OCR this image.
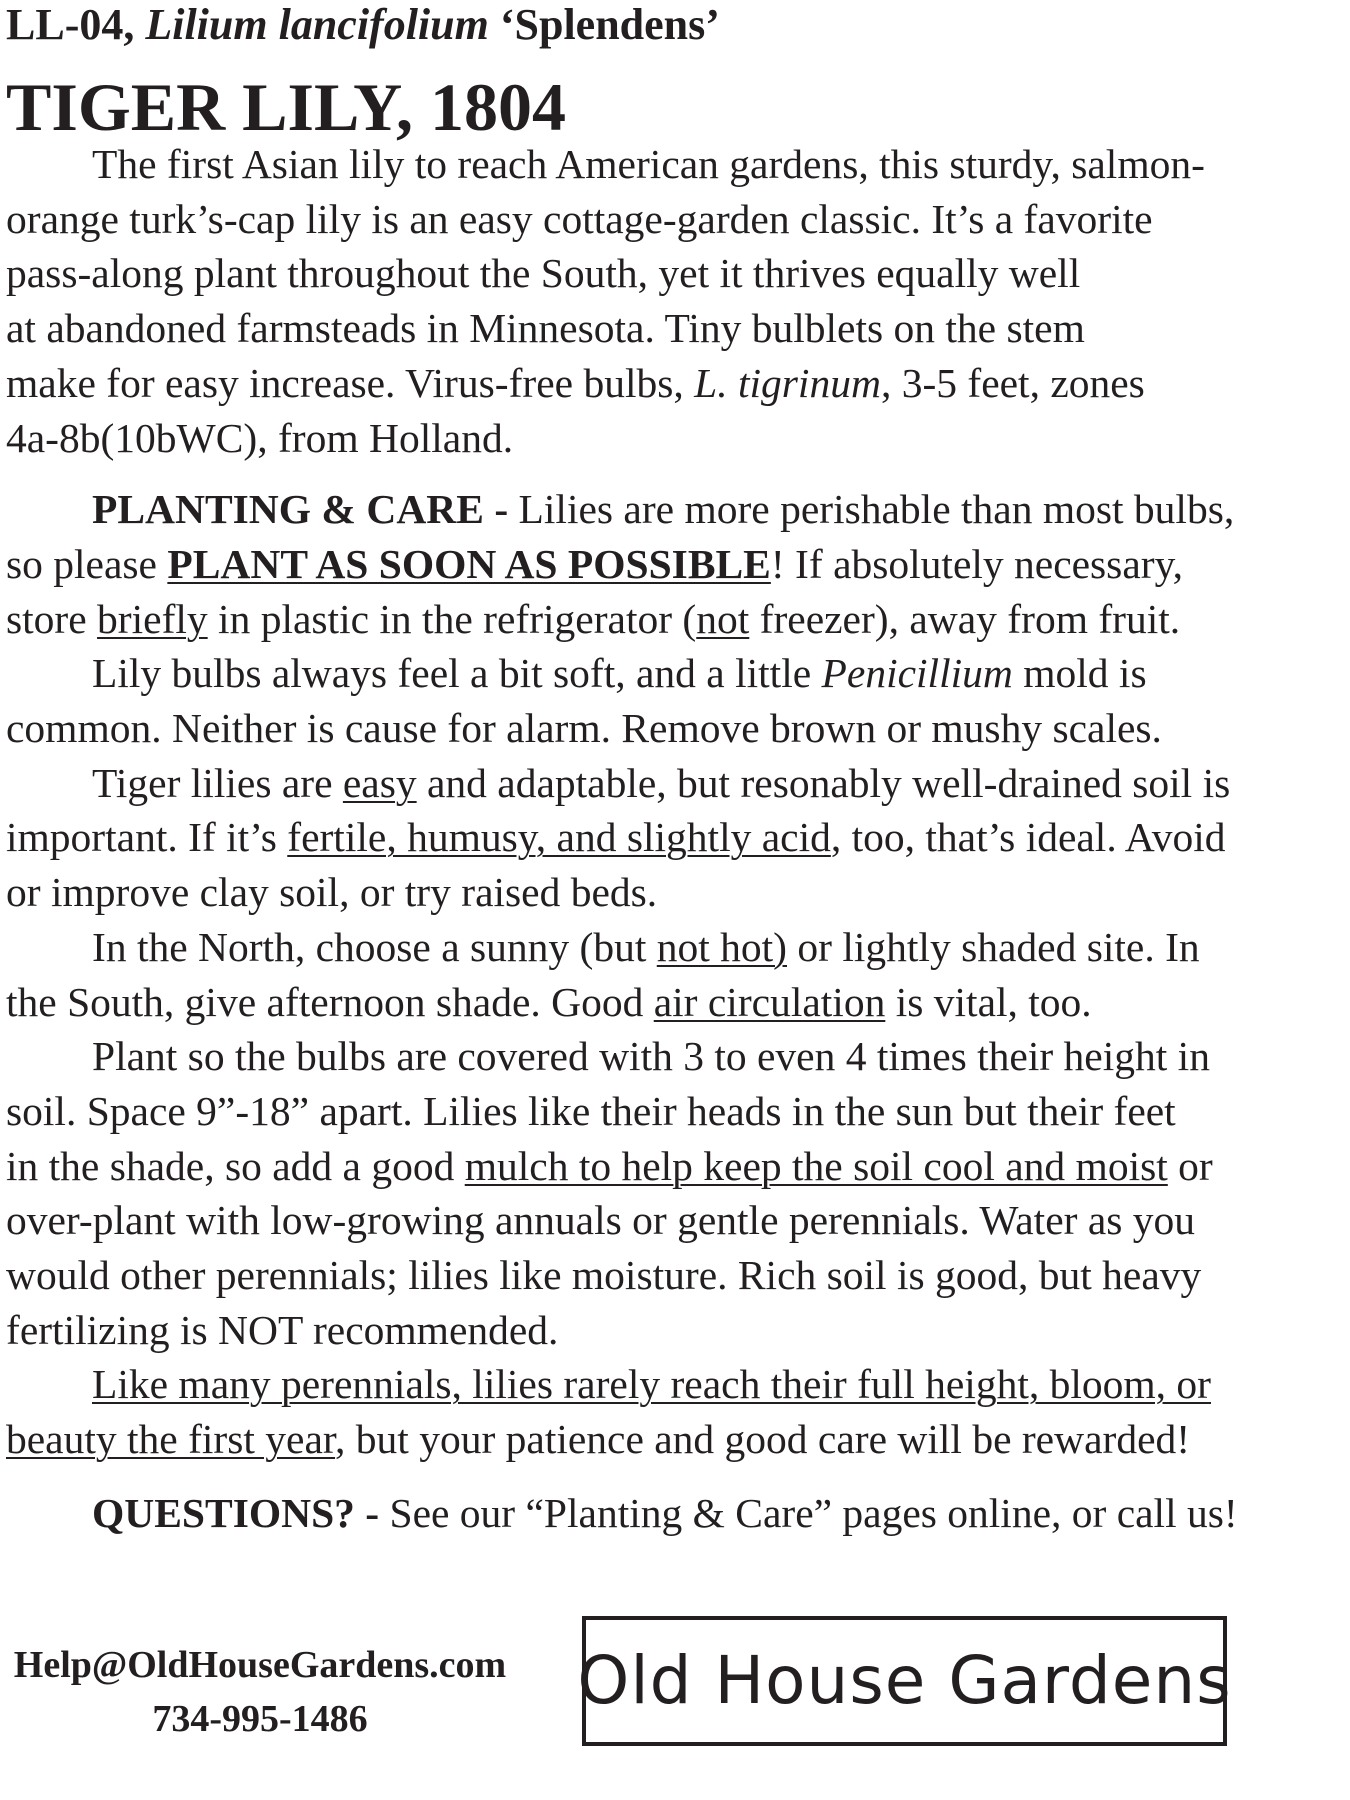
LL-04, Lilium lancifolium ‘Splendens’
TIGER LILY, 1804

The first Asian lily to reach American gardens, this sturdy, salmon-

orange turk’s-cap lily is an easy cottage-garden classic. It’s a favorite

pass-along plant throughout the South, yet it thrives equally well

at abandoned farmsteads in Minnesota. Tiny bulblets on the stem

make for easy increase. Virus-free bulbs, L. tigrinum, 3-5 feet, zones

4a-8b(10bWC), from Holland.

PLANTING & CARE - Lilies are more perishable than most bulbs,

so please PLANT AS SOON AS POSSIBLE! If absolutely necessary,

store briefly in plastic in the refrigerator (not freezer), away from fruit.

Lily bulbs always feel a bit soft, and a little Penicillium mold is

common. Neither is cause for alarm. Remove brown or mushy scales.

Tiger lilies are easy and adaptable, but resonably well-drained soil is

important. If it’s fertile, humusy, and slightly acid, too, that’s ideal. Avoid

or improve clay soil, or try raised beds.

In the North, choose a sunny (but not hot) or lightly shaded site. In

the South, give afternoon shade. Good air circulation is vital, too.

Plant so the bulbs are covered with 3 to even 4 times their height in

soil. Space 9”-18” apart. Lilies like their heads in the sun but their feet

in the shade, so add a good mulch to help keep the soil cool and moist or

over-plant with low-growing annuals or gentle perennials. Water as you

would other perennials; lilies like moisture. Rich soil is good, but heavy

fertilizing is NOT recommended.

Like many perennials, lilies rarely reach their full height, bloom, or

beauty the first year, but your patience and good care will be rewarded!

QUESTIONS? - See our “Planting & Care” pages online, or call us!

Help@OldHouseGardens.com
734-995-1486	Old House Gardens
